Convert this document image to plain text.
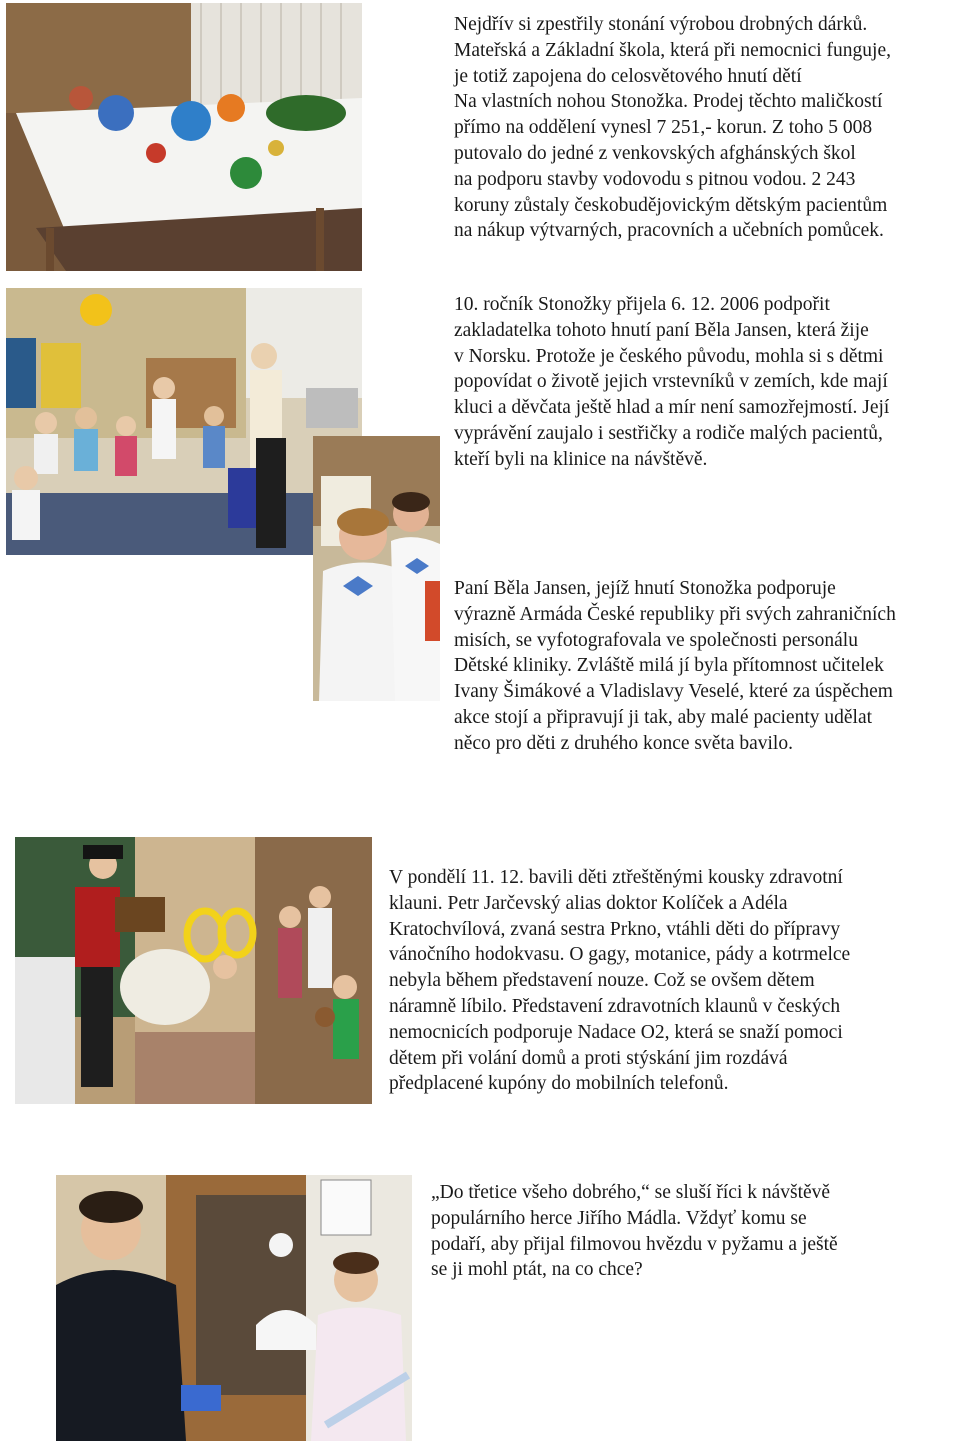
Nejdřív si zpestřily stonání výrobou drobných dárků.
Mateřská a Základní škola, která při nemocnici funguje,
je totiž zapojena do celosvětového hnutí dětí
Na vlastních nohou Stonožka. Prodej těchto maličkostí
přímo na oddělení vynesl 7 251,- korun. Z toho 5 008
putovalo do jedné z venkovských afghánských škol
na podporu stavby vodovodu s pitnou vodou. 2 243
koruny zůstaly českobudějovickým dětským pacientům
na nákup výtvarných, pracovních a učebních pomůcek.

10. ročník Stonožky přijela 6. 12. 2006 podpořit
zakladatelka tohoto hnutí paní Běla Jansen, která žije
v Norsku. Protože je českého původu, mohla si s dětmi
popovídat o životě jejich vrstevníků v zemích, kde mají
kluci a děvčata ještě hlad a mír není samozřejmostí. Její
vyprávění zaujalo i sestřičky a rodiče malých pacientů,
kteří byli na klinice na návštěvě.

Paní Běla Jansen, jejíž hnutí Stonožka podporuje
výrazně Armáda České republiky při svých zahraničních
misích, se vyfotografovala ve společnosti personálu
Dětské kliniky. Zvláště milá jí byla přítomnost učitelek
Ivany Šimákové a Vladislavy Veselé, které za úspěchem
akce stojí a připravují ji tak, aby malé pacienty udělat
něco pro děti z druhého konce světa bavilo.

V pondělí 11. 12. bavili děti ztřeštěnými kousky zdravotní
klauni. Petr Jarčevský alias doktor Kolíček a Adéla
Kratochvílová, zvaná sestra Prkno, vtáhli děti do přípravy
vánočního hodokvasu. O gagy, motanice, pády a kotrmelce
nebyla během představení nouze. Což se ovšem dětem
náramně líbilo. Představení zdravotních klaunů v českých
nemocnicích podporuje Nadace O2, která se snaží pomoci
dětem při volání domů a proti stýskání jim rozdává
předplacené kupóny do mobilních telefonů.

„Do třetice všeho dobrého,“ se sluší říci k návštěvě
populárního herce Jiřího Mádla. Vždyť komu se
podaří, aby přijal filmovou hvězdu v pyžamu a ještě
se ji mohl ptát, na co chce?
